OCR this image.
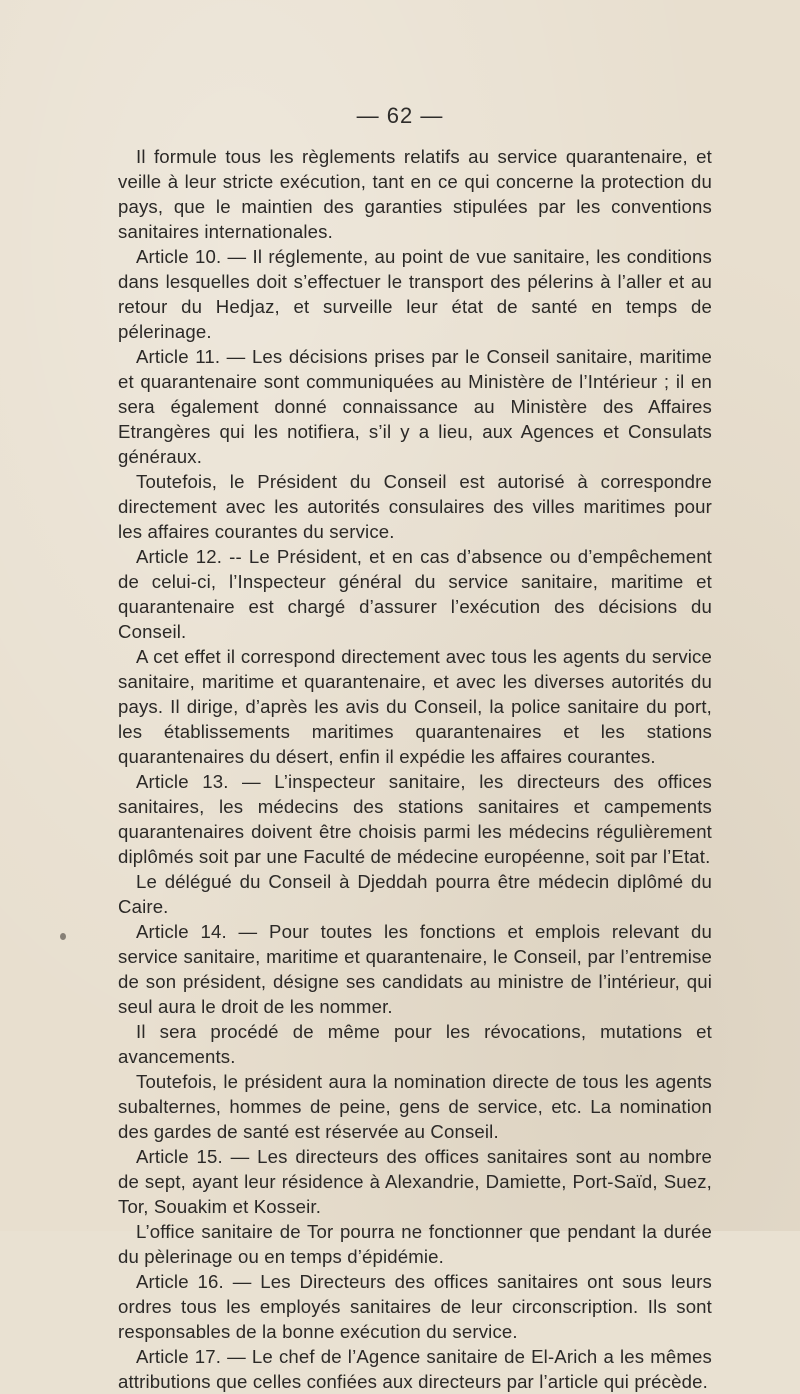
— 62 —

Il formule tous les règlements relatifs au service quarantenaire, et veille à leur stricte exécution, tant en ce qui concerne la protection du pays, que le maintien des garanties stipulées par les conventions sanitaires internationales.

Article 10. — Il réglemente, au point de vue sanitaire, les conditions dans lesquelles doit s’effectuer le transport des pélerins à l’aller et au retour du Hedjaz, et surveille leur état de santé en temps de pélerinage.

Article 11. — Les décisions prises par le Conseil sanitaire, maritime et quarantenaire sont communiquées au Ministère de l’Intérieur ; il en sera également donné connaissance au Ministère des Affaires Etrangères qui les notifiera, s’il y a lieu, aux Agences et Consulats généraux.

Toutefois, le Président du Conseil est autorisé à correspondre directement avec les autorités consulaires des villes maritimes pour les affaires courantes du service.

Article 12. -- Le Président, et en cas d’absence ou d’empêchement de celui-ci, l’Inspecteur général du service sanitaire, maritime et quarantenaire est chargé d’assurer l’exécution des décisions du Conseil.

A cet effet il correspond directement avec tous les agents du service sanitaire, maritime et quarantenaire, et avec les diverses autorités du pays. Il dirige, d’après les avis du Conseil, la police sanitaire du port, les établissements maritimes quarantenaires et les stations quarantenaires du désert, enfin il expédie les affaires courantes.

Article 13. — L’inspecteur sanitaire, les directeurs des offices sanitaires, les médecins des stations sanitaires et campements quarantenaires doivent être choisis parmi les médecins régulièrement diplômés soit par une Faculté de médecine européenne, soit par l’Etat.

Le délégué du Conseil à Djeddah pourra être médecin diplômé du Caire.

Article 14. — Pour toutes les fonctions et emplois relevant du service sanitaire, maritime et quarantenaire, le Conseil, par l’entremise de son président, désigne ses candidats au ministre de l’intérieur, qui seul aura le droit de les nommer.

Il sera procédé de même pour les révocations, mutations et avancements.

Toutefois, le président aura la nomination directe de tous les agents subalternes, hommes de peine, gens de service, etc. La nomination des gardes de santé est réservée au Conseil.

Article 15. — Les directeurs des offices sanitaires sont au nombre de sept, ayant leur résidence à Alexandrie, Damiette, Port-Saïd, Suez, Tor, Souakim et Kosseir.

L’office sanitaire de Tor pourra ne fonctionner que pendant la durée du pèlerinage ou en temps d’épidémie.

Article 16. — Les Directeurs des offices sanitaires ont sous leurs ordres tous les employés sanitaires de leur circonscription. Ils sont responsables de la bonne exécution du service.

Article 17. — Le chef de l’Agence sanitaire de El-Arich a les mêmes attributions que celles confiées aux directeurs par l’article qui précède.
